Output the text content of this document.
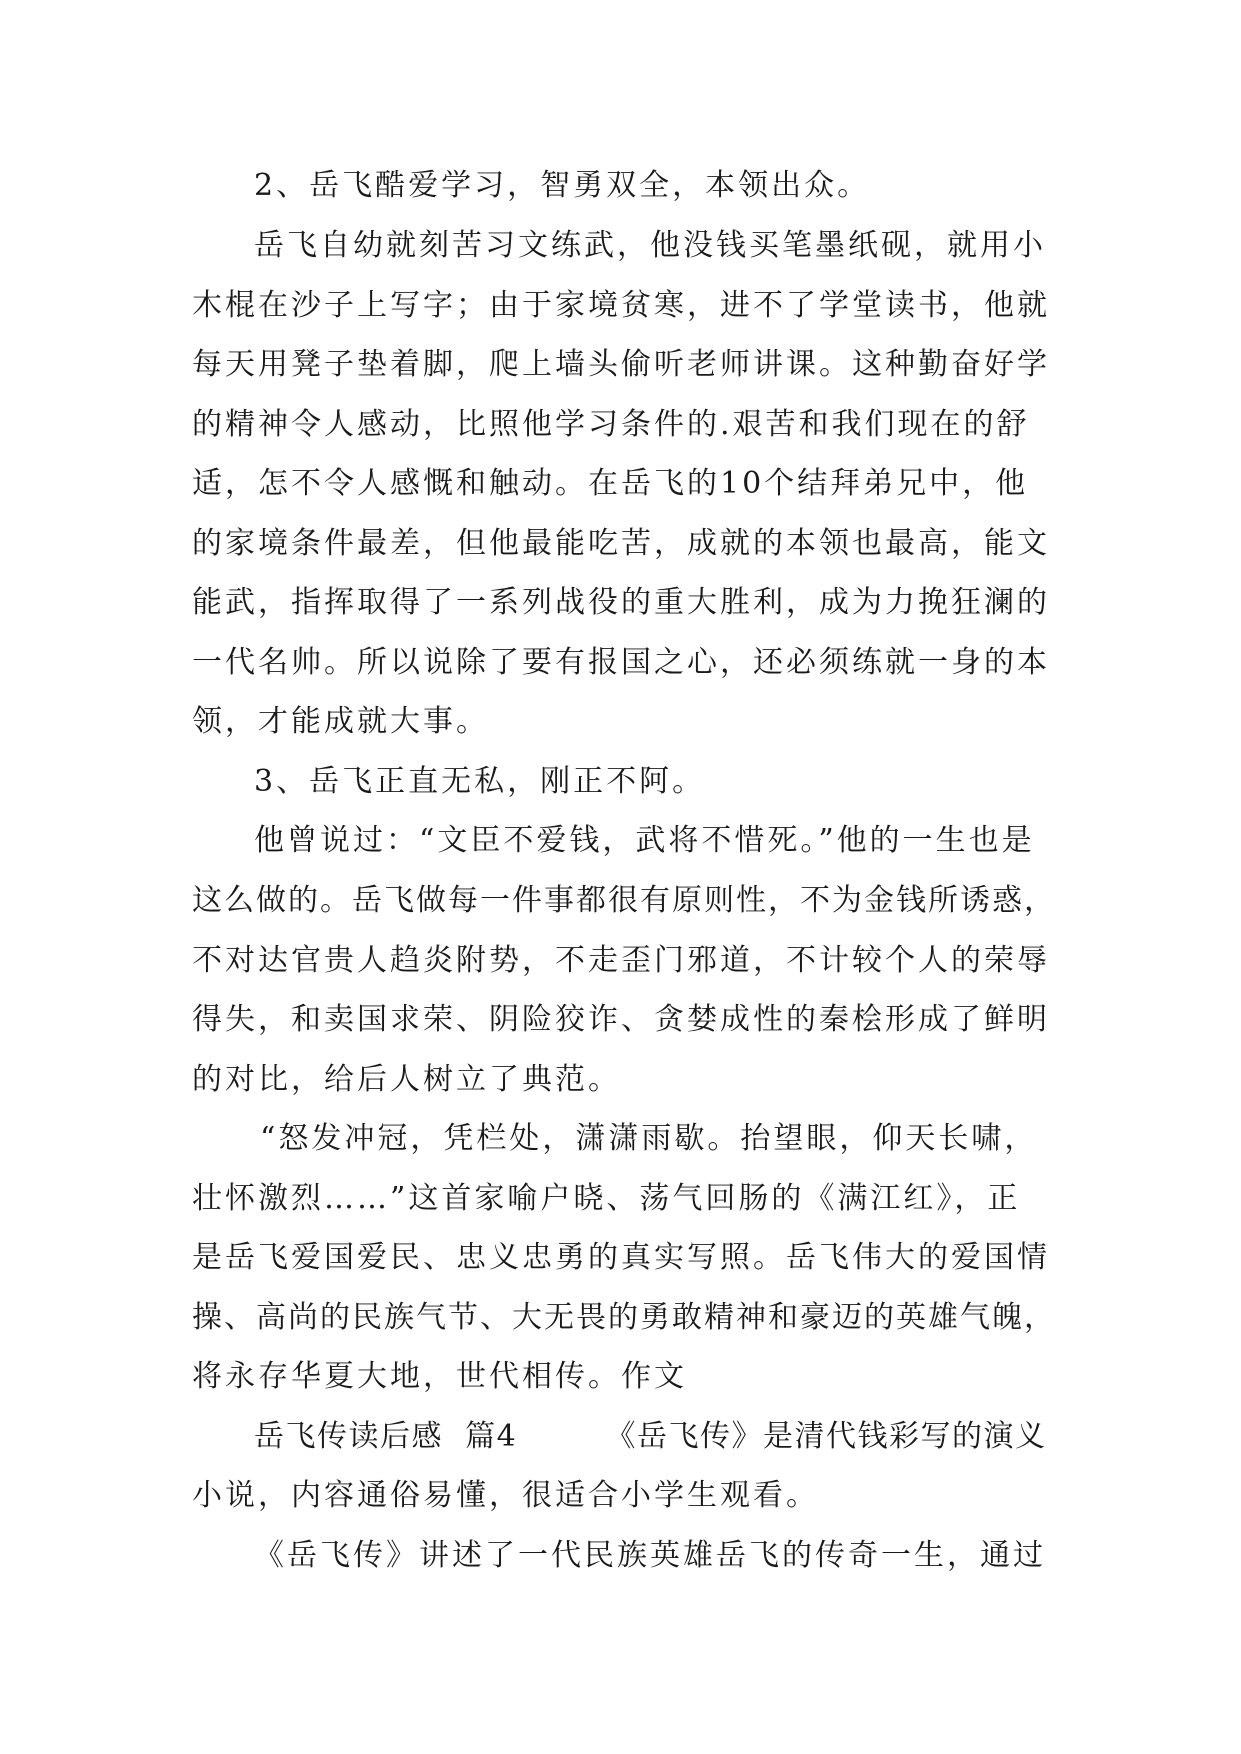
2、岳飞酷爱学习，智勇双全，本领出众。
岳飞自幼就刻苦习文练武，他没钱买笔墨纸砚，就用小
木棍在沙子上写字；由于家境贫寒，进不了学堂读书，他就
每天用凳子垫着脚，爬上墙头偷听老师讲课。这种勤奋好学
的精神令人感动，比照他学习条件的.艰苦和我们现在的舒
适，怎不令人感慨和触动。在岳飞的10个结拜弟兄中，他
的家境条件最差，但他最能吃苦，成就的本领也最高，能文
能武，指挥取得了一系列战役的重大胜利，成为力挽狂澜的
一代名帅。所以说除了要有报国之心，还必须练就一身的本
领，才能成就大事。
3、岳飞正直无私，刚正不阿。
他曾说过：“文臣不爱钱，武将不惜死。”他的一生也是
这么做的。岳飞做每一件事都很有原则性，不为金钱所诱惑，
不对达官贵人趋炎附势，不走歪门邪道，不计较个人的荣辱
得失，和卖国求荣、阴险狡诈、贪婪成性的秦桧形成了鲜明
的对比，给后人树立了典范。
“怒发冲冠，凭栏处，潇潇雨歇。抬望眼，仰天长啸，
壮怀激烈……”这首家喻户晓、荡气回肠的《满江红》，正
是岳飞爱国爱民、忠义忠勇的真实写照。岳飞伟大的爱国情
操、高尚的民族气节、大无畏的勇敢精神和豪迈的英雄气魄，
将永存华夏大地，世代相传。作文
岳飞传读后感  篇4        《岳飞传》是清代钱彩写的演义
小说，内容通俗易懂，很适合小学生观看。
《岳飞传》讲述了一代民族英雄岳飞的传奇一生，通过
